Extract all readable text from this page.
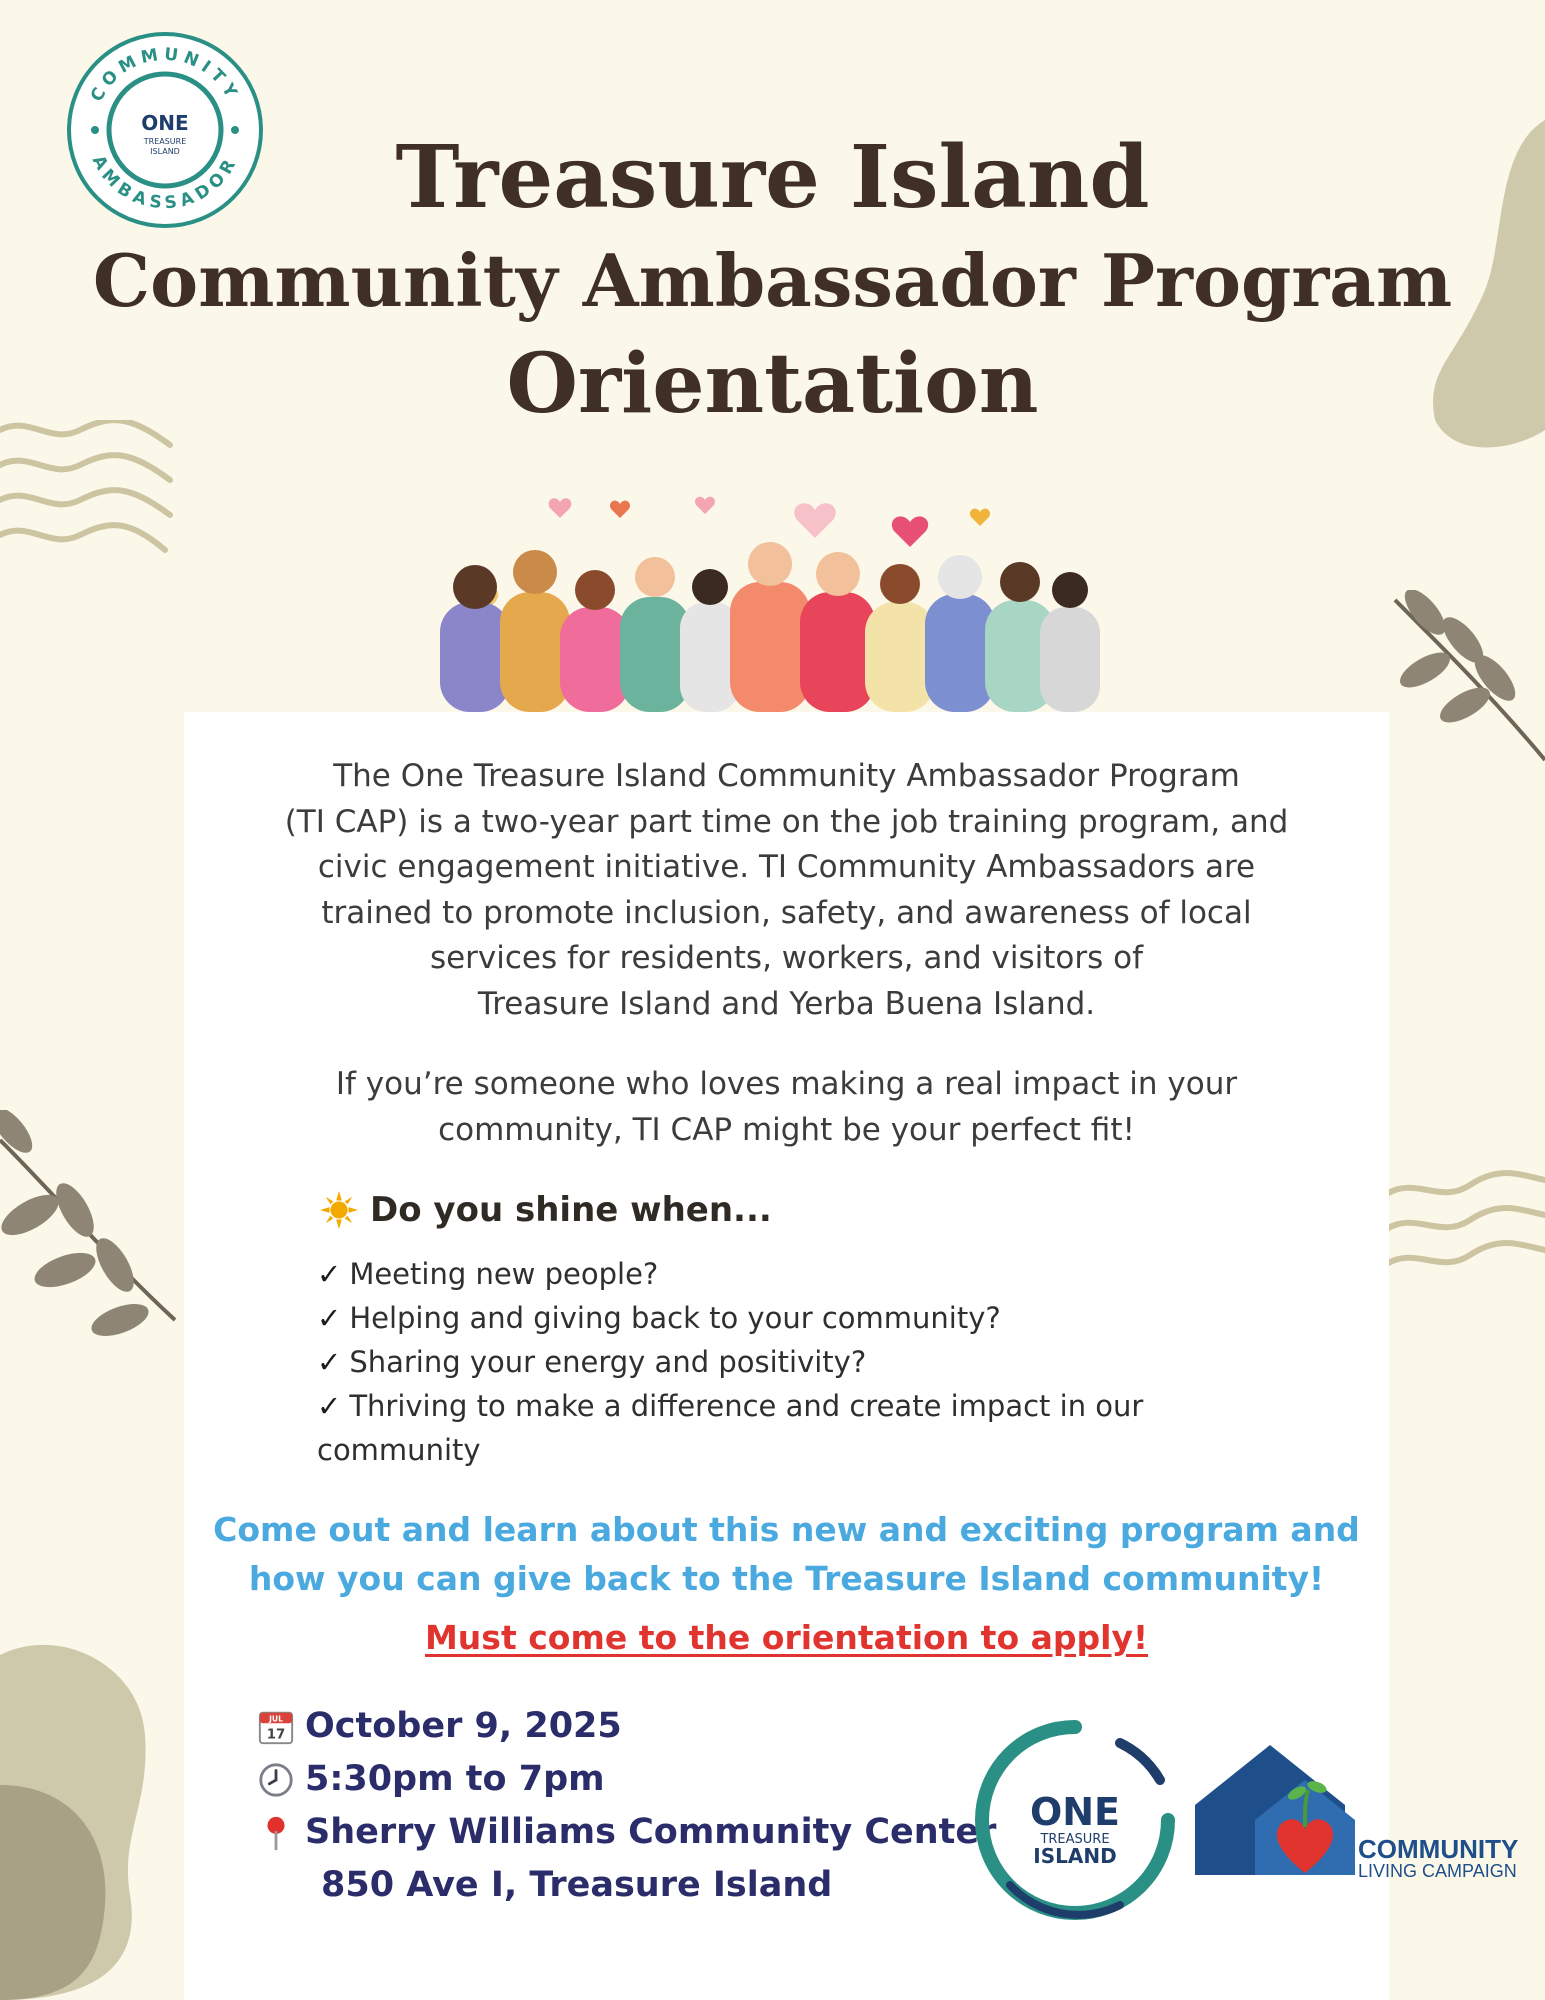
COMMUNITY
AMBASSADOR
ONE
TREASURE
ISLAND	Treasure Island
Community Ambassador Program
Orientation

The One Treasure Island Community Ambassador Program
(TI CAP) is a two-year part time on the job training program, and
civic engagement initiative. TI Community Ambassadors are
trained to promote inclusion, safety, and awareness of local
services for residents, workers, and visitors of
Treasure Island and Yerba Buena Island.

If you’re someone who loves making a real impact in your
community, TI CAP might be your perfect fit!

Do you shine when...
✓ Meeting new people?
✓ Helping and giving back to your community?
✓ Sharing your energy and positivity?
✓ Thriving to make a difference and create impact in our community
Come out and learn about this new and exciting program and
how you can give back to the Treasure Island community!
Must come to the orientation to apply!
JUL
17 October 9, 2025
5:30pm to 7pm
Sherry Williams Community Center
850 Ave I, Treasure Island
ONE
TREASURE
ISLAND	COMMUNITY
LIVING CAMPAIGN
